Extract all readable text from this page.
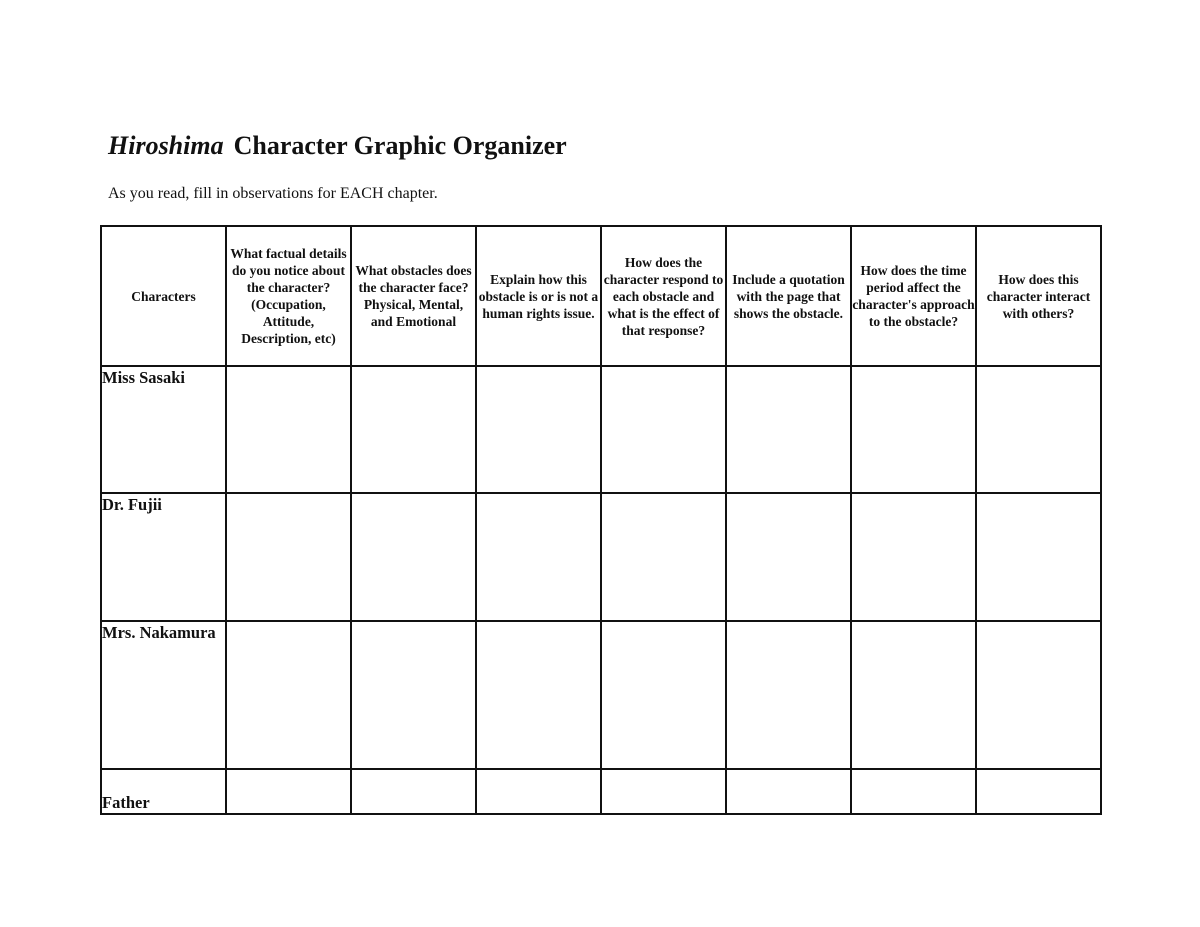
Hiroshima Character Graphic Organizer
As you read, fill in observations for EACH chapter.
Characters	What factual details do you notice about the character? (Occupation, Attitude, Description, etc)	What obstacles does the character face? Physical, Mental, and Emotional	Explain how this obstacle is or is not a human rights issue.	How does the character respond to each obstacle and what is the effect of that response?	Include a quotation with the page that shows the obstacle.	How does the time period affect the character's approach to the obstacle?	How does this character interact with others?
Miss Sasaki							
Dr. Fujii							
Mrs. Nakamura							
Father							
